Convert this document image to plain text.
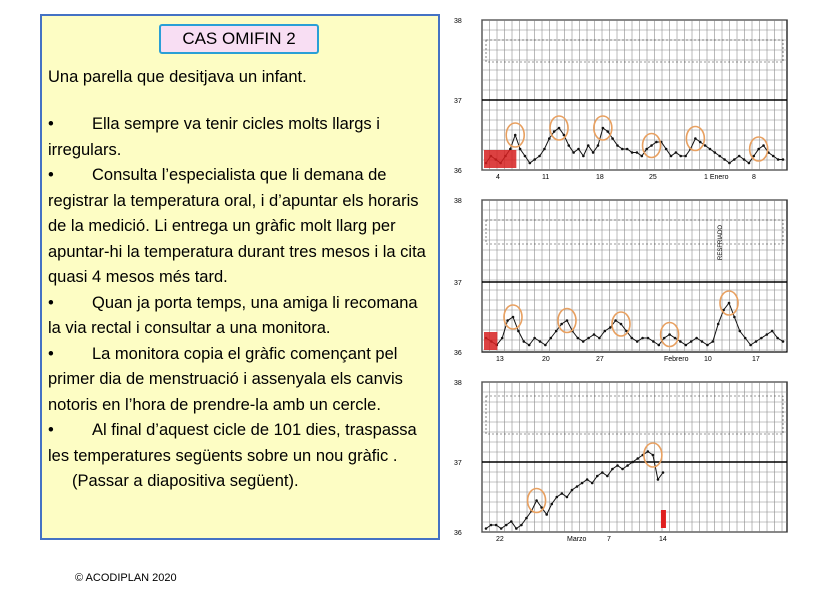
CAS OMIFIN 2

Una parella que desitjava un infant.

• Ella sempre va tenir cicles molts llargs i irregulars.
• Consulta l’especialista que li demana de registrar la temperatura oral, i d’apuntar els horaris de la medició. Li entrega un gràfic molt llarg per apuntar-hi la temperatura durant tres mesos i la cita quasi 4 mesos més tard.
• Quan ja porta temps, una amiga li recomana la via rectal i consultar a una monitora.
• La monitora copia el gràfic començant pel primer dia de menstruació i assenyala els canvis notoris en l’hora de prendre-la amb un cercle.
• Al final d’aquest cicle de 101 dies, traspassa les temperatures següents sobre un nou gràfic .
(Passar a diapositiva següent).
© ACODIPLAN 2020
38
37
36
4	11	18	25	1 Enero	8
38
37
36
13	20	27	Febrero 10	17
RESFRIADO
38
37
36
22	Marzo	7	14
